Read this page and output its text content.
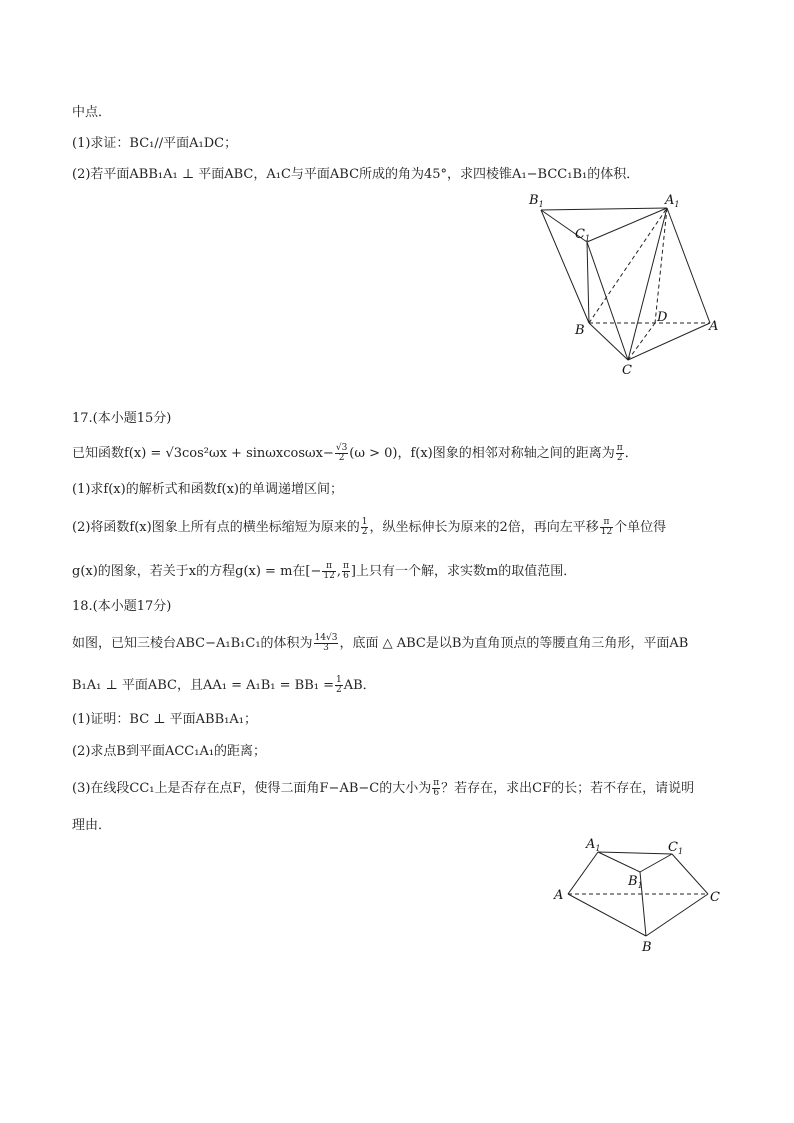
中点．
(1)求证：BC₁//平面A₁DC；
(2)若平面ABB₁A₁ ⊥ 平面ABC，A₁C与平面ABC所成的角为45°，求四棱锥A₁−BCC₁B₁的体积．
$B_1$	$A_1$
$C_1$
B
C
D
A
17.(本小题15分)
已知函数$f(x) = √3\cos^2\omega x + \sin\omega xcos\omega x- \frac{√3}{2} (\omega > 0)$，f(x)图象的相邻对称轴之间的距离为 $\frac{\pi}{2}$ ．
(1)求f(x)的解析式和函数f(x)的单调递增区间；
(2)将函数f(x)图象上所有点的横坐标缩短为原来的 $\frac{1}{2}$ ，纵坐标伸长为原来的2倍，再向左平移 $\frac{\pi}{12}$ 个单位得
g(x)的图象，若关于x的方程g(x) = m在[− $\frac{\pi}{12}$ , $\frac{\pi}{6}$ ]上只有一个解，求实数m的取值范围．
18.(本小题17分)
如图，已知三棱台ABC−A₁B₁C₁的体积为 $\frac{14√3}{3}$ ，底面 △ ABC是以B为直角顶点的等腰直角三角形，平面AB
B₁A₁ ⊥ 平面ABC，且$AA_1 = A_1B_1 = BB_1 = \frac{1}{2}$ AB．
(1)证明：BC ⊥ 平面ABB₁A₁；
(2)求点B到平面ACC₁A₁的距离；
(3)在线段CC₁上是否存在点F，使得二面角F−AB−C的大小为 $\frac{\pi}{6}$ ？若存在，求出CF的长；若不存在，请说明
理由．
$A_1$	$C_1$
$B_1$
A	C
B
